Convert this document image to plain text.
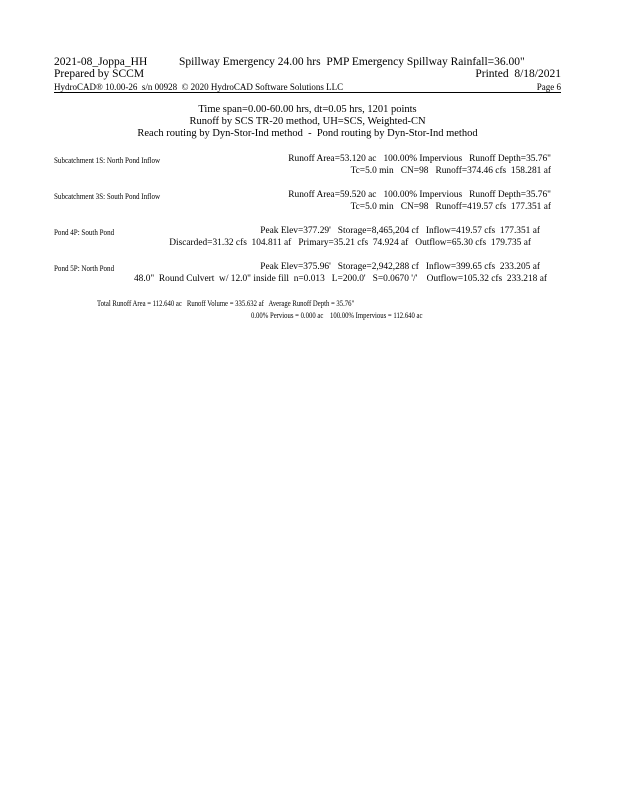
2021-08_Joppa_HH	Spillway Emergency 24.00 hrs  PMP Emergency Spillway Rainfall=36.00"
Prepared by SCCM	Printed  8/18/2021
HydroCAD® 10.00-26  s/n 00928  © 2020 HydroCAD Software Solutions LLC	Page 6
Time span=0.00-60.00 hrs, dt=0.05 hrs, 1201 points
Runoff by SCS TR-20 method, UH=SCS, Weighted-CN
Reach routing by Dyn-Stor-Ind method  -  Pond routing by Dyn-Stor-Ind method
Subcatchment 1S: North Pond Inflow	Runoff Area=53.120 ac   100.00% Impervious   Runoff Depth=35.76"
Tc=5.0 min   CN=98   Runoff=374.46 cfs  158.281 af
Subcatchment 3S: South Pond Inflow	Runoff Area=59.520 ac   100.00% Impervious   Runoff Depth=35.76"
Tc=5.0 min   CN=98   Runoff=419.57 cfs  177.351 af
Pond 4P: South Pond	Peak Elev=377.29'   Storage=8,465,204 cf   Inflow=419.57 cfs  177.351 af
Discarded=31.32 cfs  104.811 af   Primary=35.21 cfs  74.924 af   Outflow=65.30 cfs  179.735 af
Pond 5P: North Pond	Peak Elev=375.96'   Storage=2,942,288 cf   Inflow=399.65 cfs  233.205 af
48.0"  Round Culvert  w/ 12.0" inside fill  n=0.013   L=200.0'   S=0.0670 '/'    Outflow=105.32 cfs  233.218 af
Total Runoff Area = 112.640 ac   Runoff Volume = 335.632 af   Average Runoff Depth = 35.76"
0.00% Pervious = 0.000 ac    100.00% Impervious = 112.640 ac
